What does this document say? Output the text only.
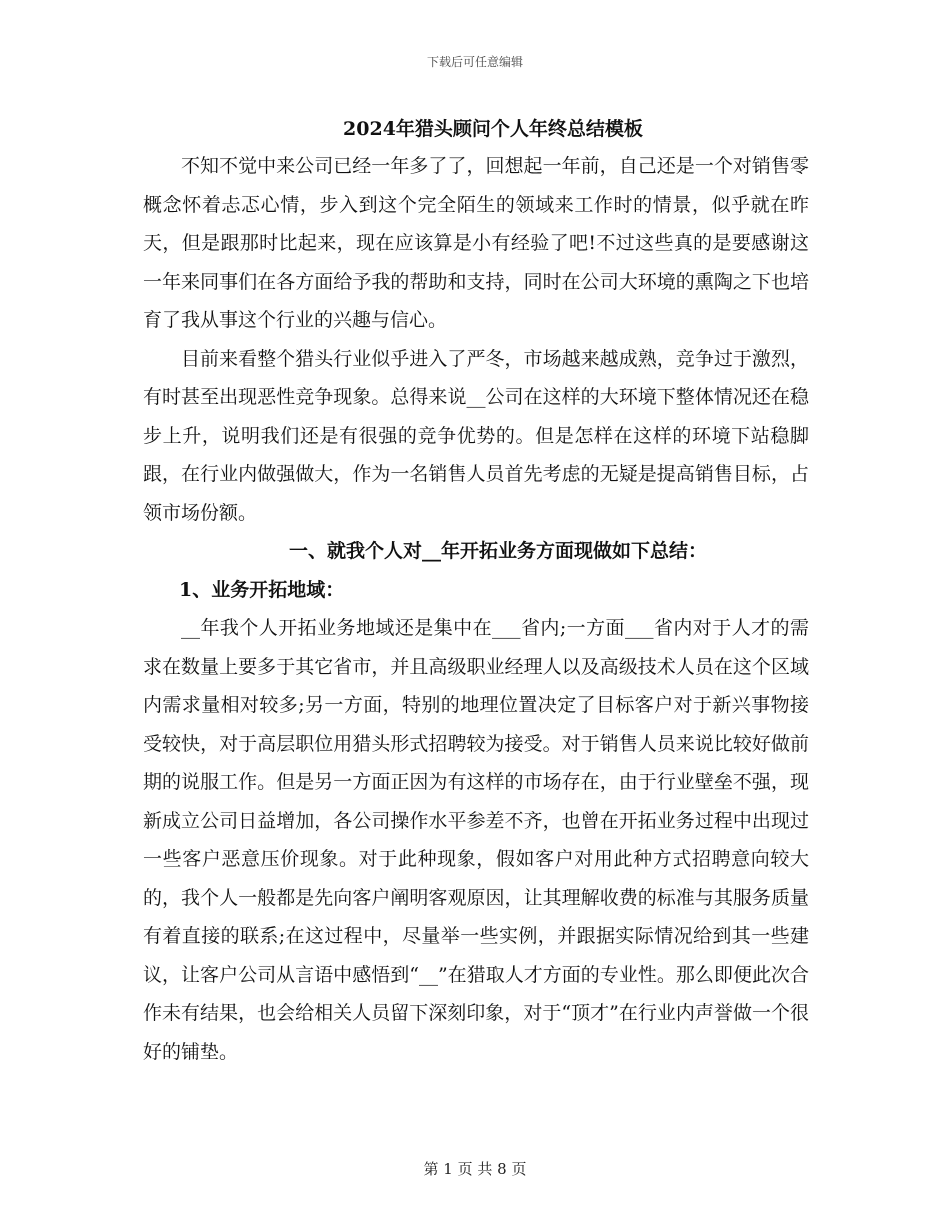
下载后可任意编辑
2024年猎头顾问个人年终总结模板

不知不觉中来公司已经一年多了了，回想起一年前，自己还是一个对销售零概念怀着忐忑心情，步入到这个完全陌生的领域来工作时的情景，似乎就在昨天，但是跟那时比起来，现在应该算是小有经验了吧!不过这些真的是要感谢这一年来同事们在各方面给予我的帮助和支持，同时在公司大环境的熏陶之下也培育了我从事这个行业的兴趣与信心。

目前来看整个猎头行业似乎进入了严冬，市场越来越成熟，竞争过于激烈，有时甚至出现恶性竞争现象。总得来说__公司在这样的大环境下整体情况还在稳步上升，说明我们还是有很强的竞争优势的。但是怎样在这样的环境下站稳脚跟，在行业内做强做大，作为一名销售人员首先考虑的无疑是提高销售目标，占领市场份额。

一、就我个人对__年开拓业务方面现做如下总结：

1、业务开拓地域：

__年我个人开拓业务地域还是集中在___省内;一方面___省内对于人才的需求在数量上要多于其它省市，并且高级职业经理人以及高级技术人员在这个区域内需求量相对较多;另一方面，特别的地理位置决定了目标客户对于新兴事物接受较快，对于高层职位用猎头形式招聘较为接受。对于销售人员来说比较好做前期的说服工作。但是另一方面正因为有这样的市场存在，由于行业壁垒不强，现新成立公司日益增加，各公司操作水平参差不齐，也曾在开拓业务过程中出现过一些客户恶意压价现象。对于此种现象，假如客户对用此种方式招聘意向较大的，我个人一般都是先向客户阐明客观原因，让其理解收费的标准与其服务质量有着直接的联系;在这过程中，尽量举一些实例，并跟据实际情况给到其一些建议，让客户公司从言语中感悟到“__”在猎取人才方面的专业性。那么即便此次合作未有结果，也会给相关人员留下深刻印象，对于“顶才”在行业内声誉做一个很好的铺垫。

第 1 页 共 8 页
